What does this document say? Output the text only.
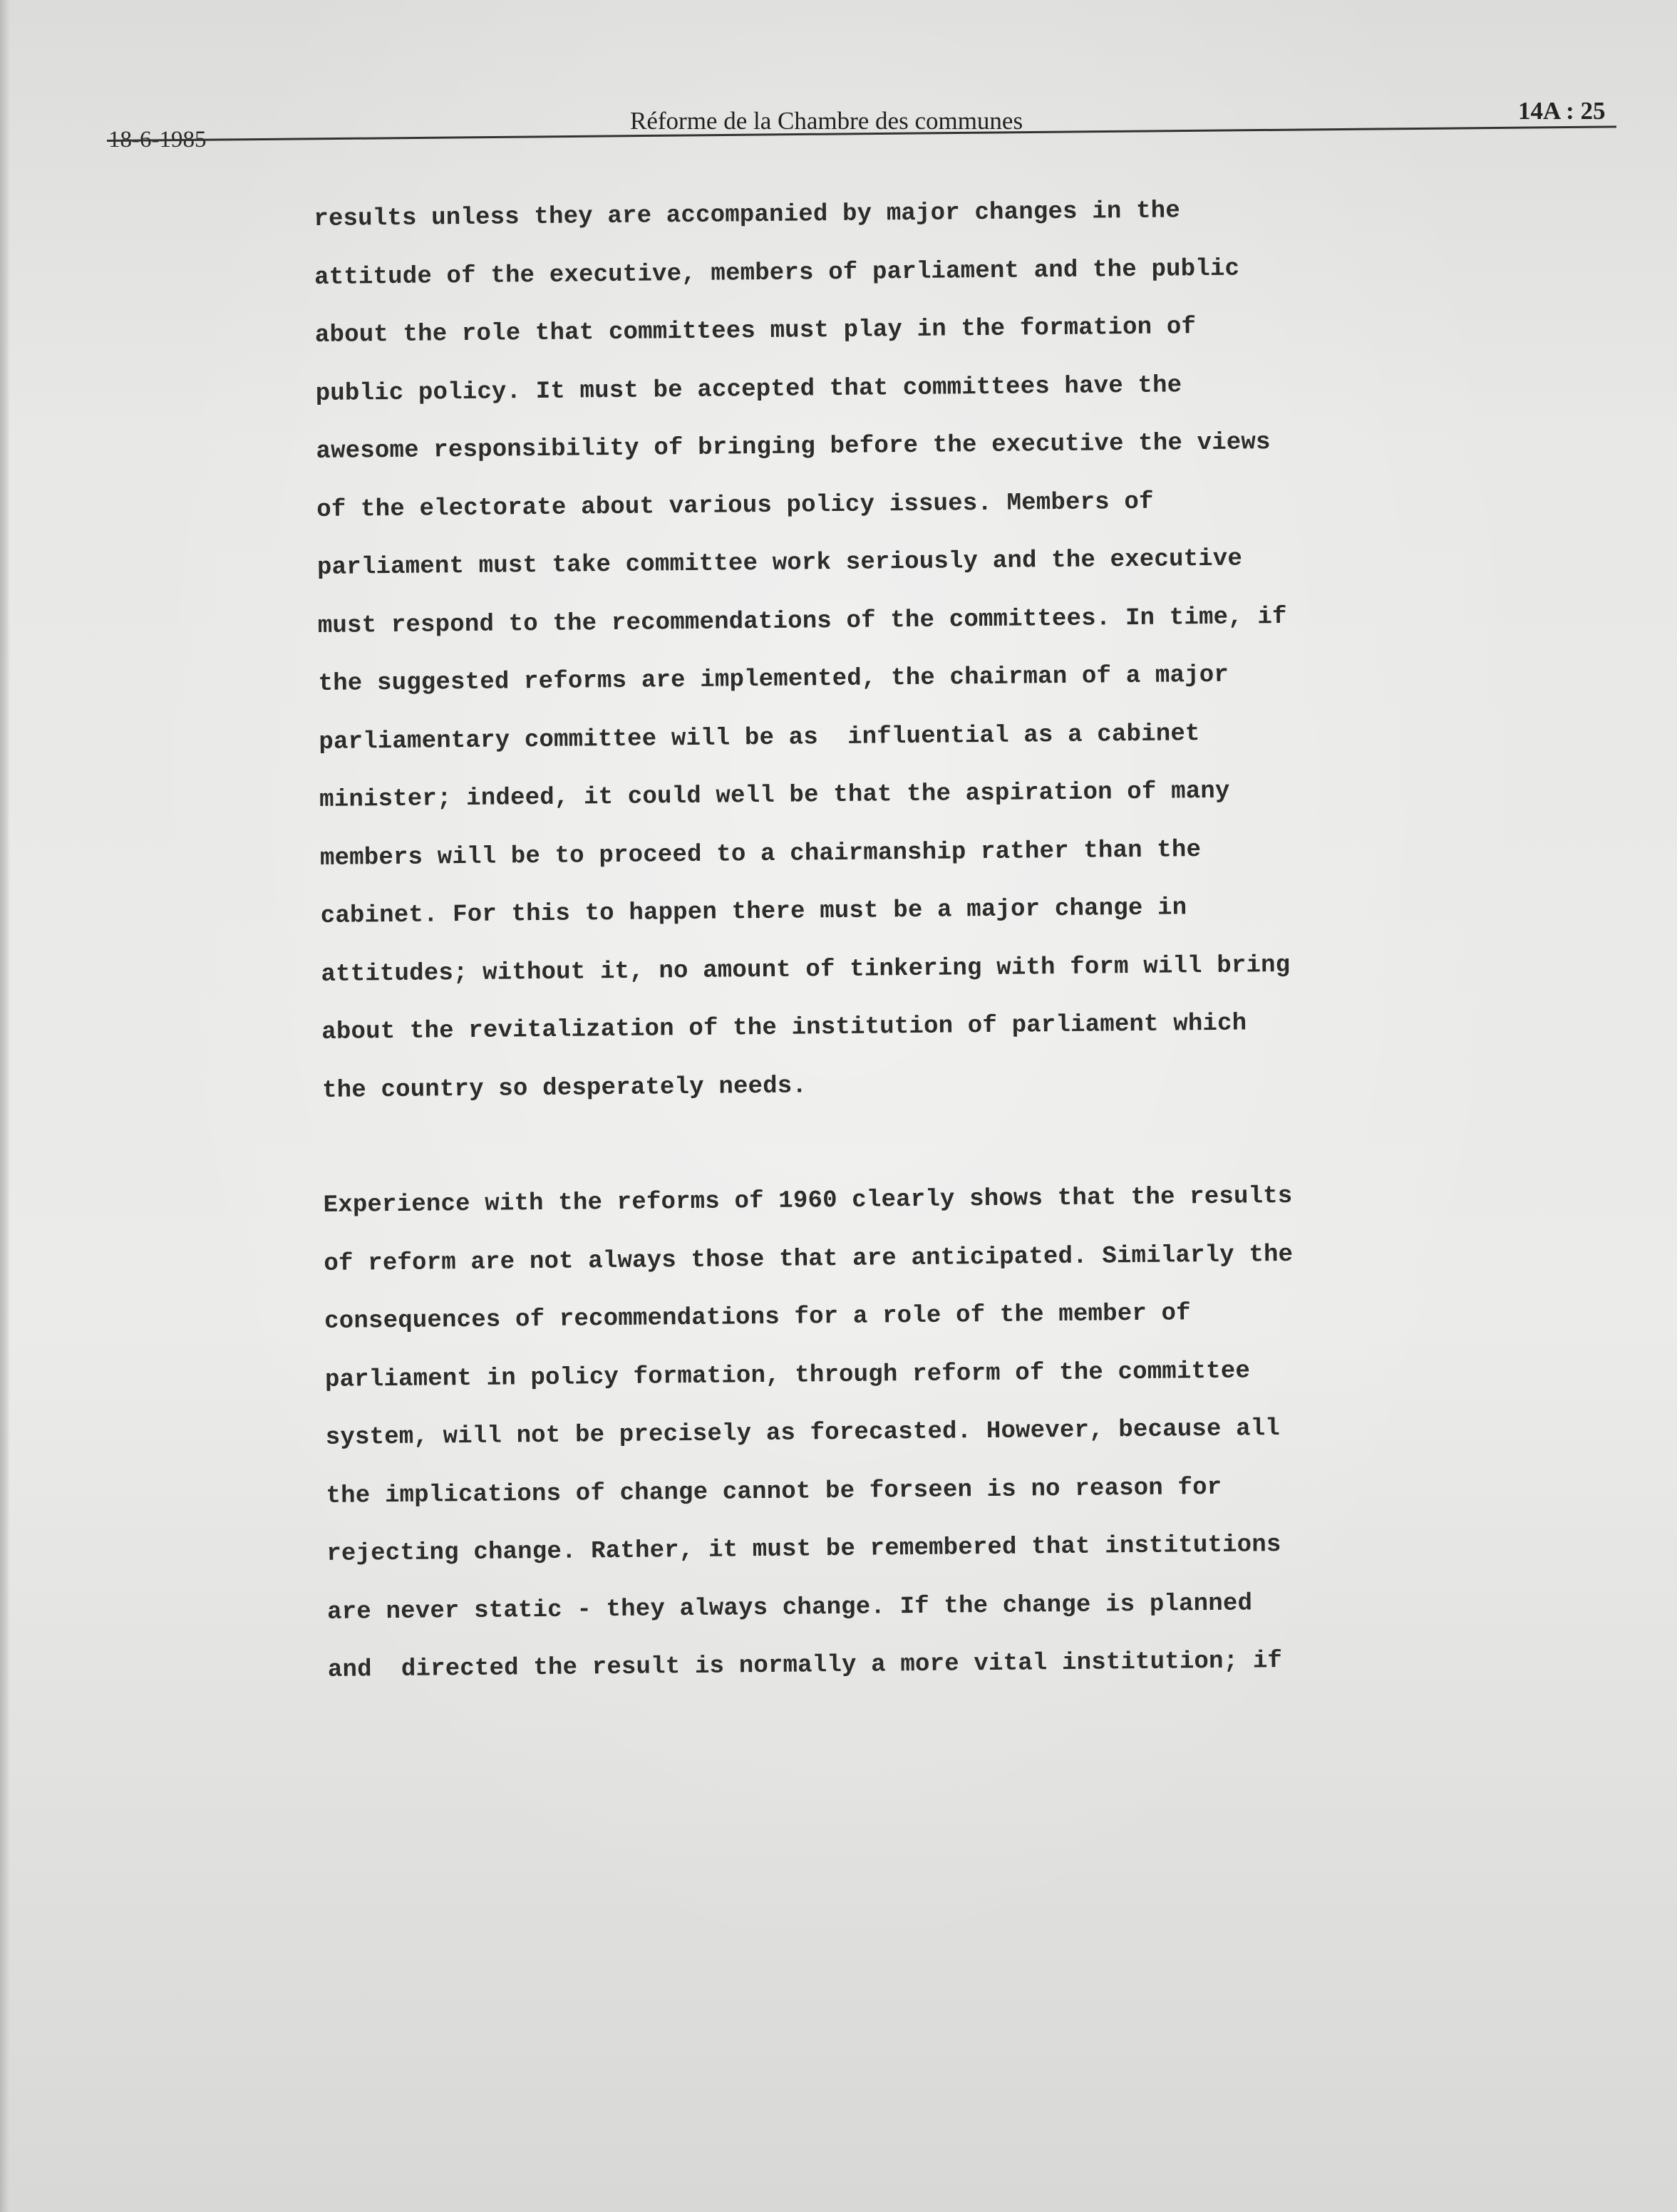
18-6-1985
Réforme de la Chambre des communes	14A : 25
results unless they are accompanied by major changes in the
attitude of the executive, members of parliament and the public
about the role that committees must play in the formation of
public policy. It must be accepted that committees have the
awesome responsibility of bringing before the executive the views
of the electorate about various policy issues. Members of
parliament must take committee work seriously and the executive
must respond to the recommendations of the committees. In time, if
the suggested reforms are implemented, the chairman of a major
parliamentary committee will be as  influential as a cabinet
minister; indeed, it could well be that the aspiration of many
members will be to proceed to a chairmanship rather than the
cabinet. For this to happen there must be a major change in
attitudes; without it, no amount of tinkering with form will bring
about the revitalization of the institution of parliament which
the country so desperately needs.
Experience with the reforms of 1960 clearly shows that the results
of reform are not always those that are anticipated. Similarly the
consequences of recommendations for a role of the member of
parliament in policy formation, through reform of the committee
system, will not be precisely as forecasted. However, because all
the implications of change cannot be forseen is no reason for
rejecting change. Rather, it must be remembered that institutions
are never static - they always change. If the change is planned
and  directed the result is normally a more vital institution; if
